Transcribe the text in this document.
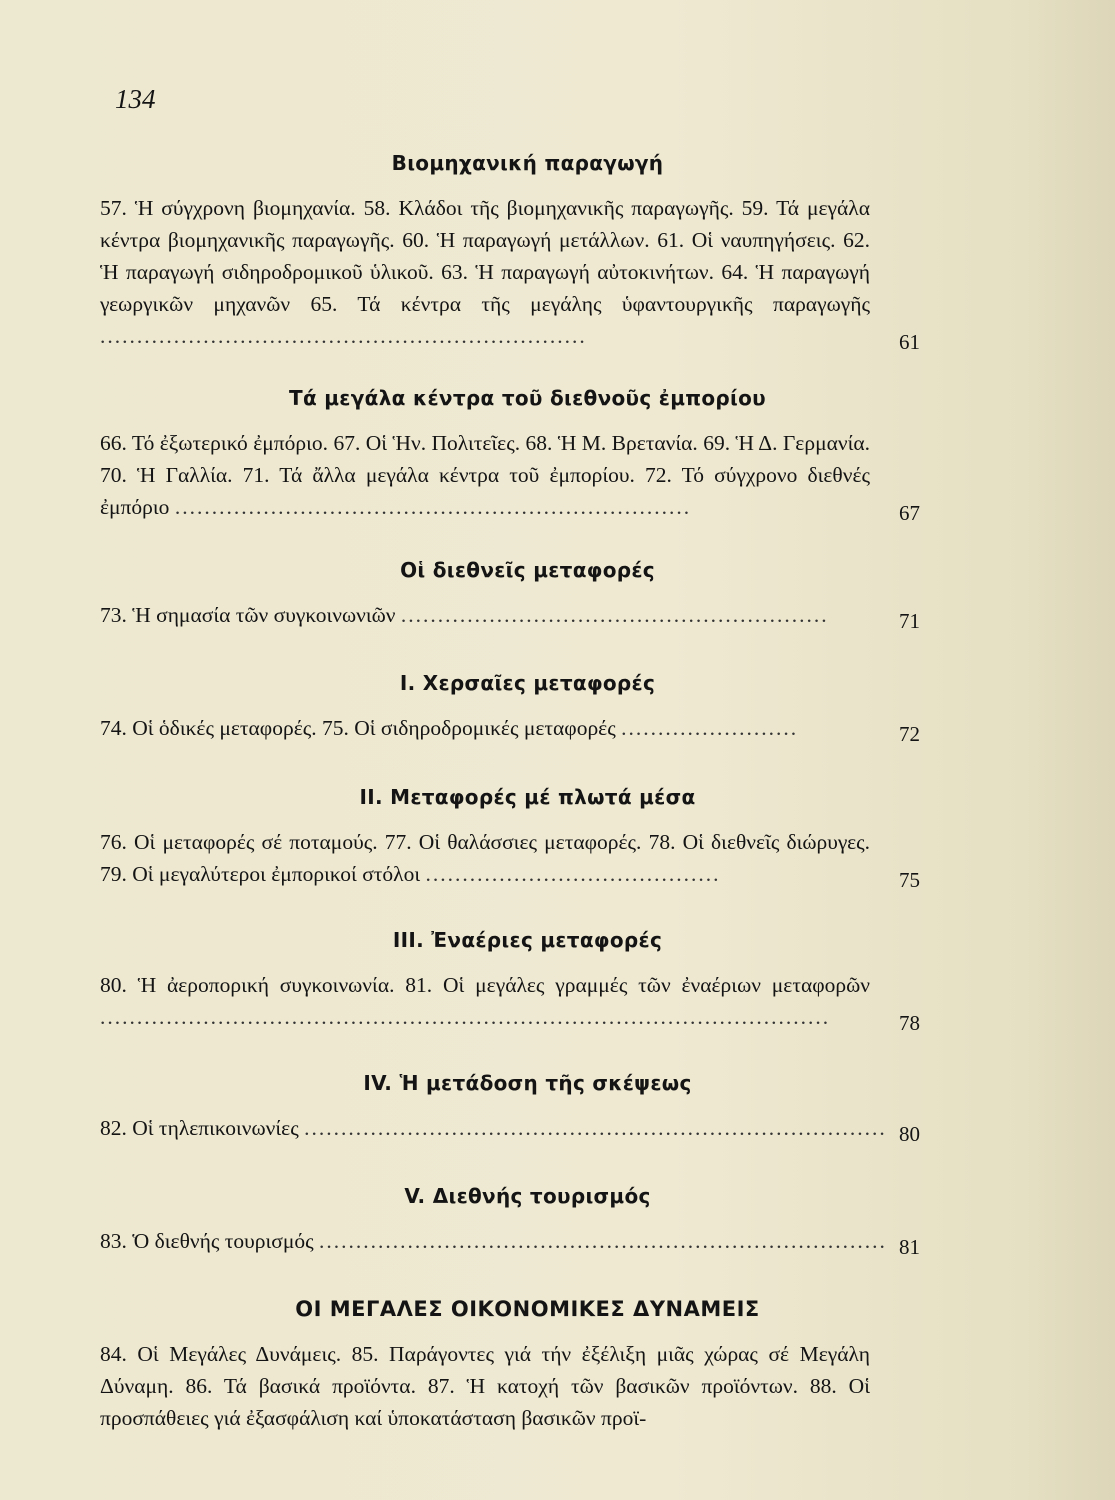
134
Βιομηχανική παραγωγή
57. Ἡ σύγχρονη βιομηχανία. 58. Κλάδοι τῆς βιομηχανικῆς παραγωγῆς. 59. Τά μεγάλα κέντρα βιομηχανικῆς παραγωγῆς. 60. Ἡ παραγωγή μετάλλων. 61. Οἱ ναυπηγήσεις. 62. Ἡ παραγωγή σιδηροδρομικοῦ ὑλικοῦ. 63. Ἡ παραγωγή αὐτοκινήτων. 64. Ἡ παραγωγή γεωργικῶν μηχανῶν 65. Τά κέντρα τῆς μεγάλης ὑφαντουργικῆς παραγωγῆς ..................................................................	61
Τά μεγάλα κέντρα τοῦ διεθνοῦς ἐμπορίου
66. Τό ἐξωτερικό ἐμπόριο. 67. Οἱ Ἡν. Πολιτεῖες. 68. Ἡ Μ. Βρετανία. 69. Ἡ Δ. Γερμανία. 70. Ἡ Γαλλία. 71. Τά ἄλλα μεγάλα κέντρα τοῦ ἐμπορίου. 72. Τό σύγχρονο διεθνές ἐμπόριο ......................................................................	67
Οἱ διεθνεῖς μεταφορές
73. Ἡ σημασία τῶν συγκοινωνιῶν ..........................................................	71
I. Χερσαῖες μεταφορές
74. Οἱ ὁδικές μεταφορές. 75. Οἱ σιδηροδρομικές μεταφορές ........................	72
II. Μεταφορές μέ πλωτά μέσα
76. Οἱ μεταφορές σέ ποταμούς. 77. Οἱ θαλάσσιες μεταφορές. 78. Οἱ διεθνεῖς διώρυγες. 79. Οἱ μεγαλύτεροι ἐμπορικοί στόλοι ........................................	75
III. Ἐναέριες μεταφορές
80. Ἡ ἀεροπορική συγκοινωνία. 81. Οἱ μεγάλες γραμμές τῶν ἐναέριων μεταφορῶν ...................................................................................................	78
IV. Ἡ μετάδοση τῆς σκέψεως
82. Οἱ τηλεπικοινωνίες ............................................................................... 80
V. Διεθνής τουρισμός
83. Ὁ διεθνής τουρισμός ............................................................................. 81
ΟΙ ΜΕΓΑΛΕΣ ΟΙΚΟΝΟΜΙΚΕΣ ΔΥΝΑΜΕΙΣ
84. Οἱ Μεγάλες Δυνάμεις. 85. Παράγοντες γιά τήν ἐξέλιξη μιᾶς χώρας σέ Μεγάλη Δύναμη. 86. Τά βασικά προϊόντα. 87. Ἡ κατοχή τῶν βασικῶν προϊόντων. 88. Οἱ προσπάθειες γιά ἐξασφάλιση καί ὑποκατάσταση βασικῶν προϊ-
